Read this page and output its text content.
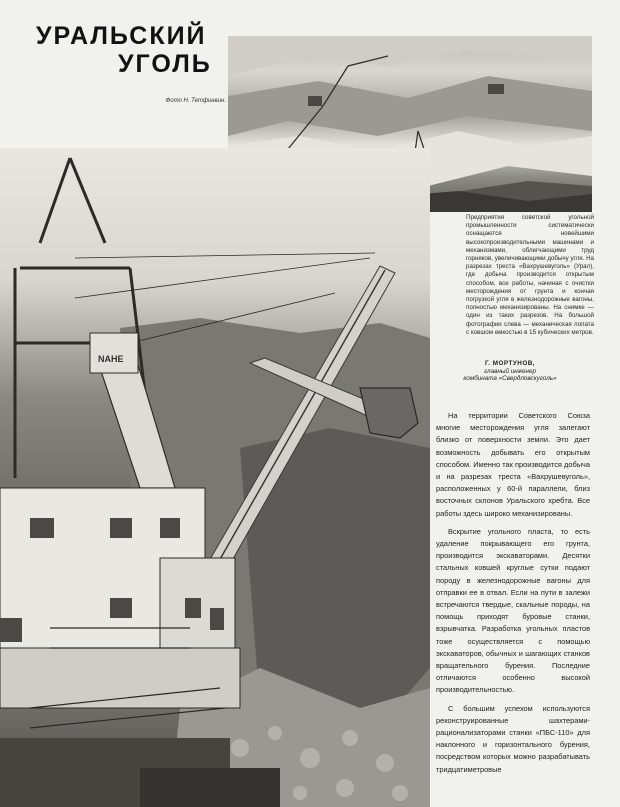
УРАЛЬСКИЙ
УГОЛЬ
Фото Н. Тетфинвин.
Предприятия советской угольной промышленности систематически оснащаются новейшими высокопроизводительными машинами и механизмами, облегчающими труд горняков, увеличивающими добычу угля. На разрезах треста «Вахрушевуголь» (Урал), где добыча производится открытым способом, все работы, начиная с очистки месторождения от грунта и кончая погрузкой угля в железнодорожные вагоны, полностью механизированы. На снимке — один из таких разрезов. На большой фотографии слева — механическая лопата с ковшом емкостью в 15 кубических метров.
NAHE	Г. МОРТУНОВ,
главный инженер
комбината «Свердловскуголь»

На территории Советского Союза многие месторождения угля залегают близко от поверхности земли. Это дает возможность добывать его открытым способом. Именно так производится добыча и на разрезах треста «Вахрушевуголь», расположенных у 60-й параллели, близ восточных склонов Уральского хребта. Все работы здесь широко механизированы.

Вскрытие угольного пласта, то есть удаление покрывающего его грунта, производится экскаваторами. Десятки стальных ковшей круглые сутки подают породу в железнодорожные вагоны для отправки ее в отвал. Если на пути в залежи встречаются твердые, скальные породы, на помощь приходят буровые станки, взрывчатка. Разработка угольных пластов тоже осуществляется с помощью экскаваторов, обычных и шагающих станков вращательного бурения. Последние отличаются особенно высокой производительностью.

С большим успехом используются реконструированные шахтерами-рационализаторами станки «ПБС-110» для наклонного и горизонтального бурения, посредством которых можно разрабатывать тридцатиметровые
